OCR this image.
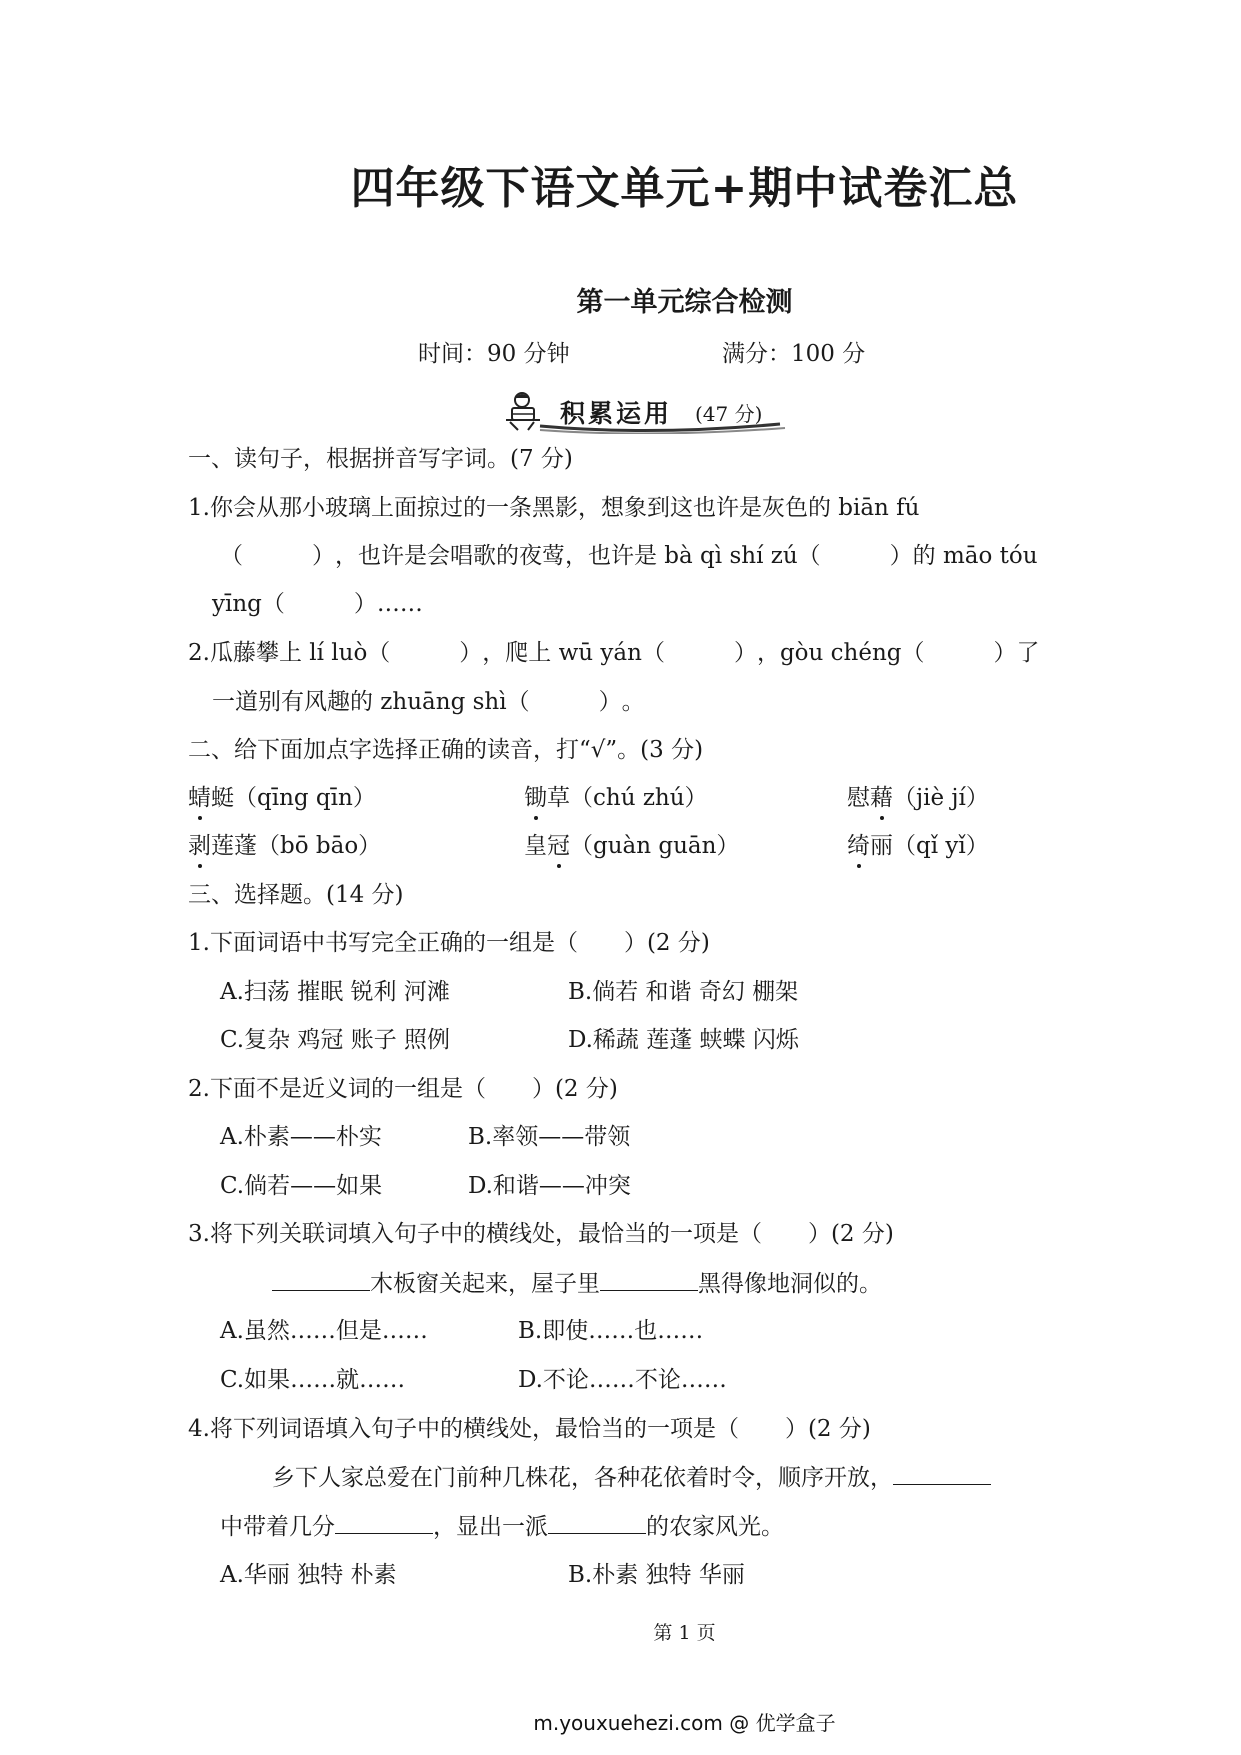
四年级下语文单元+期中试卷汇总
第一单元综合检测
时间：90 分钟	满分：100 分
积累运用 (47 分)
一、读句子，根据拼音写字词。(7 分)
1.你会从那小玻璃上面掠过的一条黑影，想象到这也许是灰色的 biān fú
（　　　），也许是会唱歌的夜莺，也许是 bà qì shí zú（　　　）的 māo tóu
yīng（　　　）……
2.瓜藤攀上 lí luò（　　　），爬上 wū yán（　　　），gòu chéng（　　　）了
一道别有风趣的 zhuāng shì（　　　）。
二、给下面加点字选择正确的读音，打“√”。(3 分)
蜻蜓（qīng qīn）	锄草（chú zhú）	慰藉（jiè jí）
剥莲蓬（bō bāo）	皇冠（guàn guān）	绮丽（qǐ yǐ）
三、选择题。(14 分)
1.下面词语中书写完全正确的一组是（　　）(2 分)
A.扫荡 摧眠 锐利 河滩	B.倘若 和谐 奇幻 棚架
C.复杂 鸡冠 账子 照例	D.稀蔬 莲蓬 蛱蝶 闪烁
2.下面不是近义词的一组是（　　）(2 分)
A.朴素——朴实	B.率领——带领
C.倘若——如果	D.和谐——冲突
3.将下列关联词填入句子中的横线处，最恰当的一项是（　　）(2 分)
木板窗关起来，屋子里	黑得像地洞似的。
A.虽然……但是……	B.即使……也……
C.如果……就……	D.不论……不论……
4.将下列词语填入句子中的横线处，最恰当的一项是（　　）(2 分)
乡下人家总爱在门前种几株花，各种花依着时令，顺序开放，
中带着几分	，显出一派	的农家风光。
A.华丽 独特 朴素	B.朴素 独特 华丽
第 1 页
m.youxuehezi.com @ 优学盒子
